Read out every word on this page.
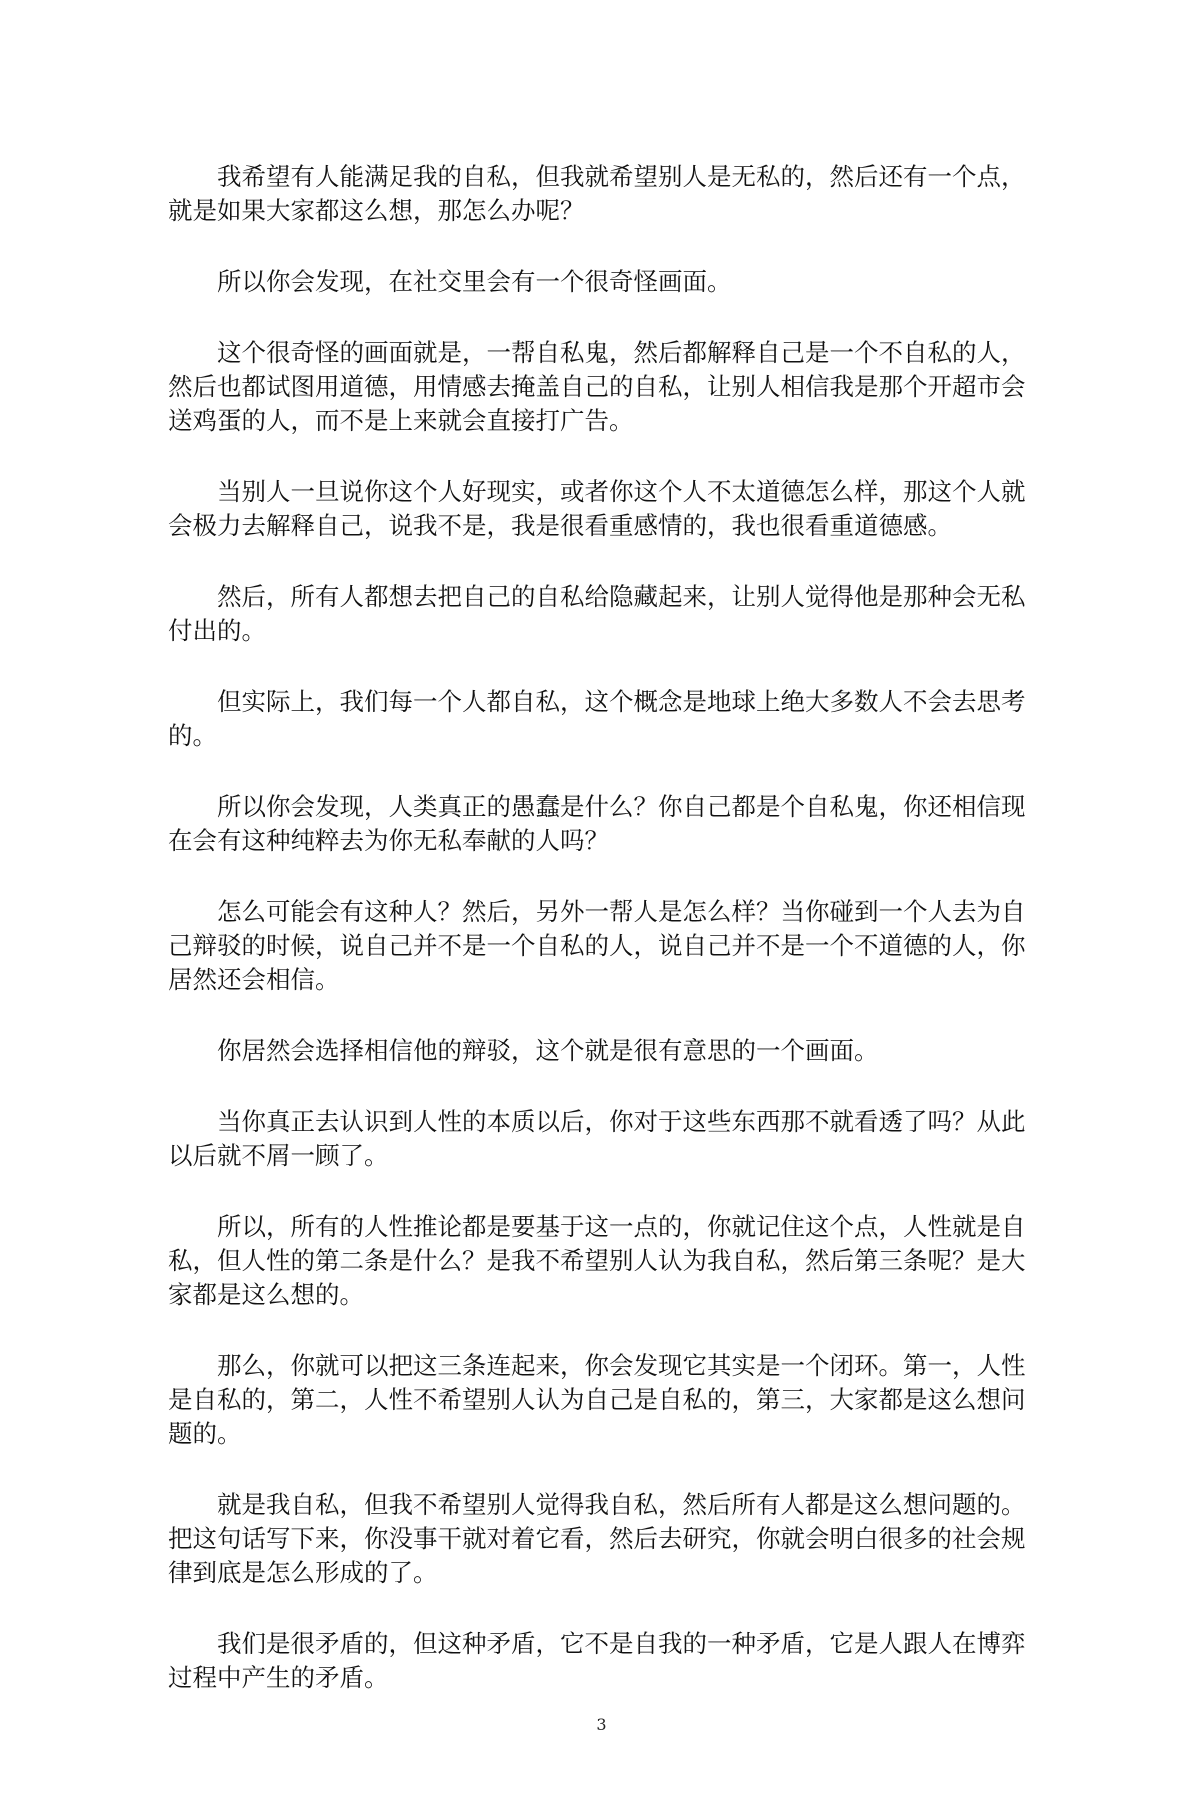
我希望有人能满足我的自私，但我就希望别人是无私的，然后还有一个点，就是如果大家都这么想，那怎么办呢？

所以你会发现，在社交里会有一个很奇怪画面。

这个很奇怪的画面就是，一帮自私鬼，然后都解释自己是一个不自私的人，然后也都试图用道德，用情感去掩盖自己的自私，让别人相信我是那个开超市会送鸡蛋的人，而不是上来就会直接打广告。

当别人一旦说你这个人好现实，或者你这个人不太道德怎么样，那这个人就会极力去解释自己，说我不是，我是很看重感情的，我也很看重道德感。

然后，所有人都想去把自己的自私给隐藏起来，让别人觉得他是那种会无私付出的。

但实际上，我们每一个人都自私，这个概念是地球上绝大多数人不会去思考的。

所以你会发现，人类真正的愚蠢是什么？你自己都是个自私鬼，你还相信现在会有这种纯粹去为你无私奉献的人吗？

怎么可能会有这种人？然后，另外一帮人是怎么样？当你碰到一个人去为自己辩驳的时候，说自己并不是一个自私的人，说自己并不是一个不道德的人，你居然还会相信。

你居然会选择相信他的辩驳，这个就是很有意思的一个画面。

当你真正去认识到人性的本质以后，你对于这些东西那不就看透了吗？从此以后就不屑一顾了。

所以，所有的人性推论都是要基于这一点的，你就记住这个点，人性就是自私，但人性的第二条是什么？是我不希望别人认为我自私，然后第三条呢？是大家都是这么想的。

那么，你就可以把这三条连起来，你会发现它其实是一个闭环。第一，人性是自私的，第二，人性不希望别人认为自己是自私的，第三，大家都是这么想问题的。

就是我自私，但我不希望别人觉得我自私，然后所有人都是这么想问题的。把这句话写下来，你没事干就对着它看，然后去研究，你就会明白很多的社会规律到底是怎么形成的了。

我们是很矛盾的，但这种矛盾，它不是自我的一种矛盾，它是人跟人在博弈过程中产生的矛盾。

3
